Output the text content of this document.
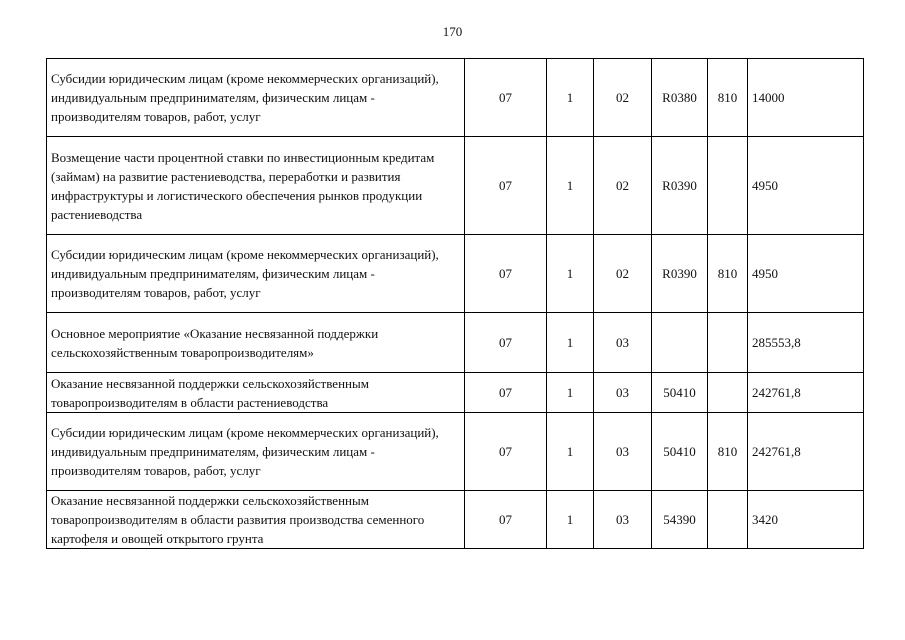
170
Субсидии юридическим лицам (кроме некоммерческих организаций), индивидуальным предпринимателям, физическим лицам - производителям товаров, работ, услуг	07	1	02	R0380	810	14000
Возмещение части процентной ставки по инвестиционным кредитам (займам) на развитие растениеводства, переработки и развития инфраструктуры и логистического обеспечения рынков продукции растениеводства	07	1	02	R0390		4950
Субсидии юридическим лицам (кроме некоммерческих организаций), индивидуальным предпринимателям, физическим лицам - производителям товаров, работ, услуг	07	1	02	R0390	810	4950
Основное мероприятие «Оказание несвязанной поддержки сельскохозяйственным товаропроизводителям»	07	1	03			285553,8
Оказание несвязанной поддержки сельскохозяйственным товаропроизводителям в области растениеводства	07	1	03	50410		242761,8
Субсидии юридическим лицам (кроме некоммерческих организаций), индивидуальным предпринимателям, физическим лицам - производителям товаров, работ, услуг	07	1	03	50410	810	242761,8
Оказание несвязанной поддержки сельскохозяйственным товаропроизводителям в области развития производства семенного картофеля и овощей открытого грунта	07	1	03	54390		3420
